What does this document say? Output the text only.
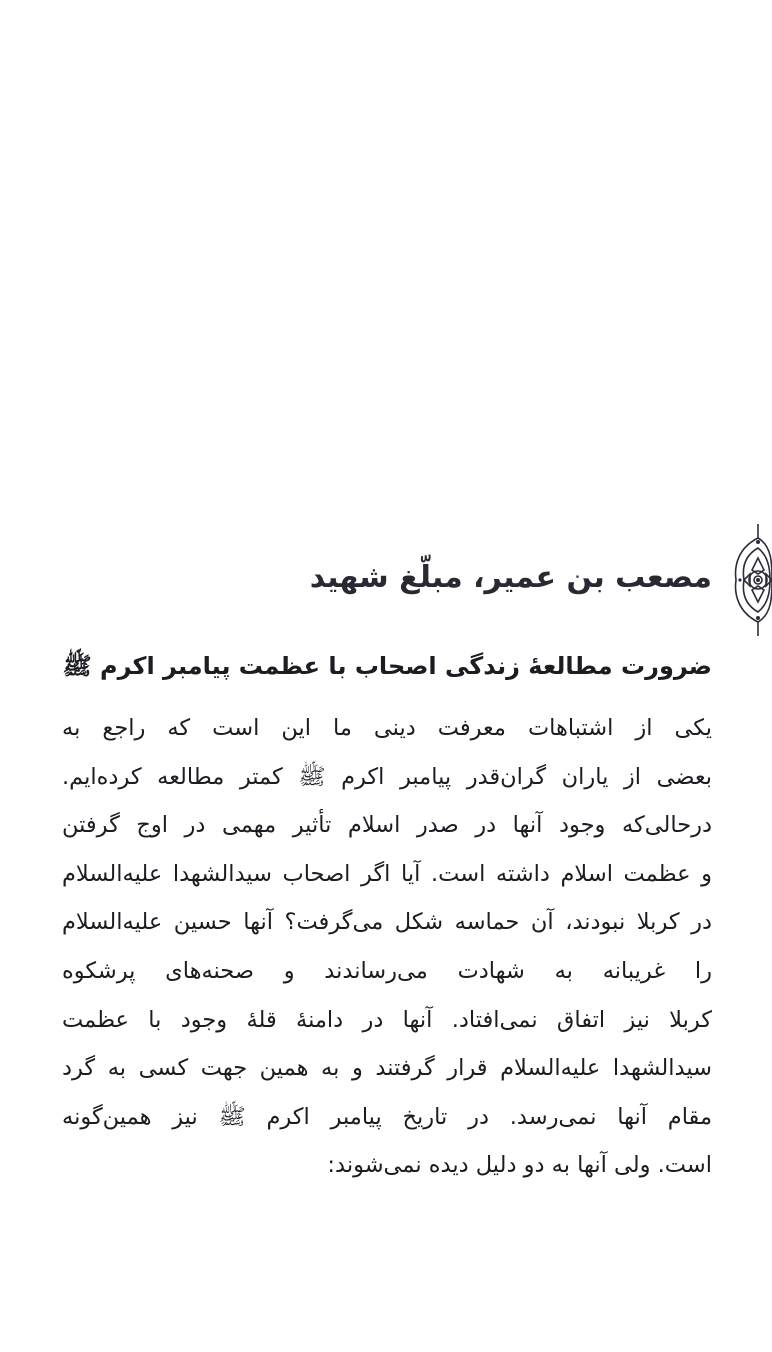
مصعب بن عمیر، مبلّغ شهید
ضرورت مطالعهٔ زندگی اصحاب با عظمت پیامبر اکرم ﷺ
یکی از اشتباهات معرفت دینی ما این است که راجع به
بعضی از یاران گران‌قدر پیامبر اکرم ﷺ کمتر مطالعه کرده‌ایم.
درحالی‌که وجود آنها در صدر اسلام تأثیر مهمی در اوج گرفتن
و عظمت اسلام داشته است. آیا اگر اصحاب سیدالشهدا علیه‌السلام
در کربلا نبودند، آن حماسه شکل می‌گرفت؟ آنها حسین علیه‌السلام
را غریبانه به شهادت می‌رساندند و صحنه‌های پرشکوه
کربلا نیز اتفاق نمی‌افتاد. آنها در دامنهٔ قلهٔ وجود با عظمت
سیدالشهدا علیه‌السلام قرار گرفتند و به همین جهت کسی به گرد
مقام آنها نمی‌رسد. در تاریخ پیامبر اکرم ﷺ نیز همین‌گونه
است. ولی آنها به دو دلیل دیده نمی‌شوند:
